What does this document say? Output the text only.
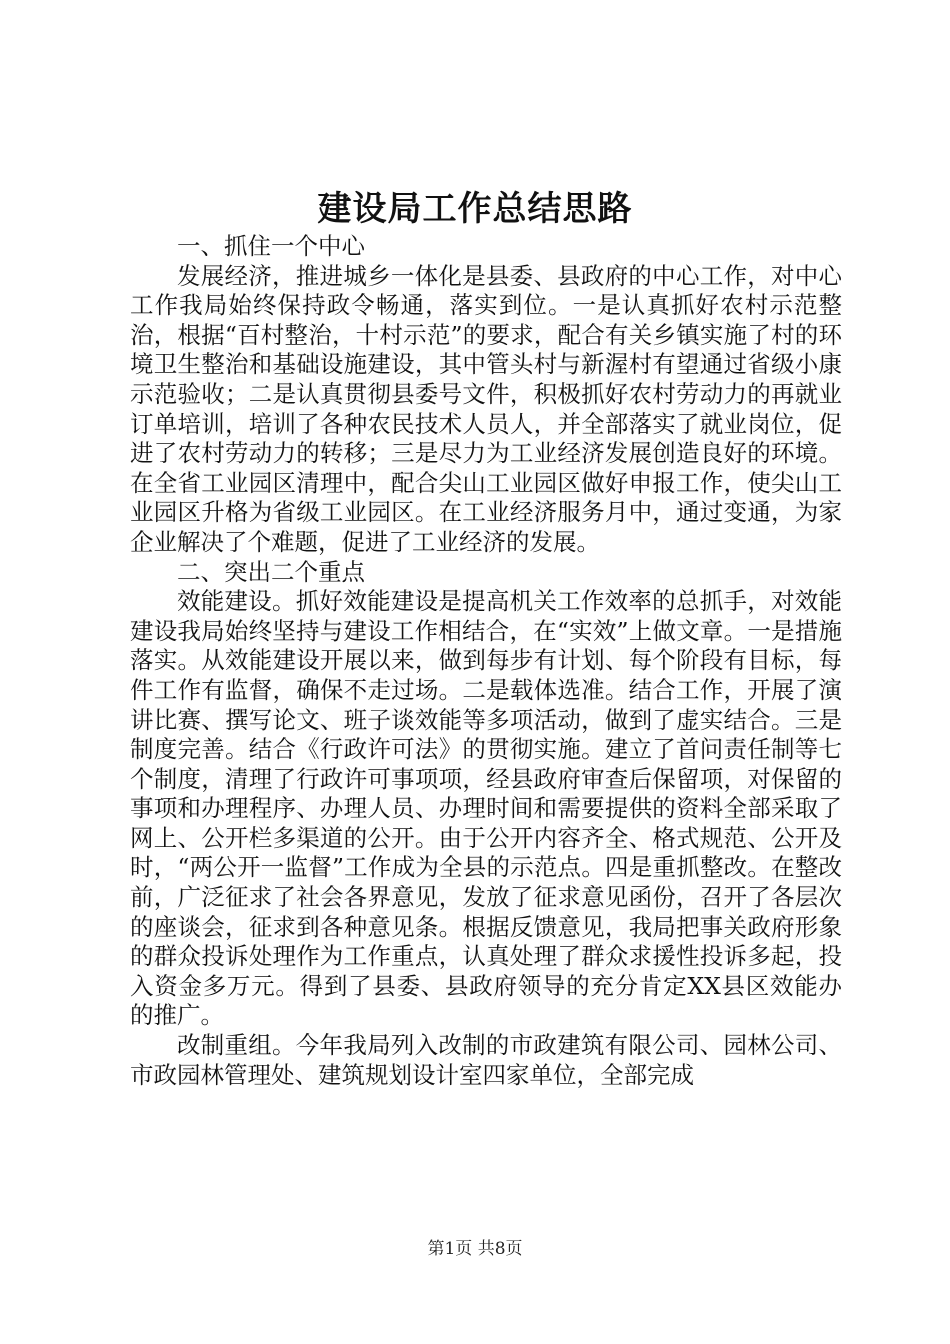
建设局工作总结思路

一、抓住一个中心

发展经济，推进城乡一体化是县委、县政府的中心工作，对中心工作我局始终保持政令畅通，落实到位。一是认真抓好农村示范整治，根据“百村整治，十村示范”的要求，配合有关乡镇实施了村的环境卫生整治和基础设施建设，其中管头村与新渥村有望通过省级小康示范验收；二是认真贯彻县委号文件，积极抓好农村劳动力的再就业订单培训，培训了各种农民技术人员人，并全部落实了就业岗位，促进了农村劳动力的转移；三是尽力为工业经济发展创造良好的环境。在全省工业园区清理中，配合尖山工业园区做好申报工作，使尖山工业园区升格为省级工业园区。在工业经济服务月中，通过变通，为家企业解决了个难题，促进了工业经济的发展。

二、突出二个重点

效能建设。抓好效能建设是提高机关工作效率的总抓手，对效能建设我局始终坚持与建设工作相结合，在“实效”上做文章。一是措施落实。从效能建设开展以来，做到每步有计划、每个阶段有目标，每件工作有监督，确保不走过场。二是载体选准。结合工作，开展了演讲比赛、撰写论文、班子谈效能等多项活动，做到了虚实结合。三是制度完善。结合《行政许可法》的贯彻实施。建立了首问责任制等七个制度，清理了行政许可事项项，经县政府审查后保留项，对保留的事项和办理程序、办理人员、办理时间和需要提供的资料全部采取了网上、公开栏多渠道的公开。由于公开内容齐全、格式规范、公开及时，“两公开一监督”工作成为全县的示范点。四是重抓整改。在整改前，广泛征求了社会各界意见，发放了征求意见函份，召开了各层次的座谈会，征求到各种意见条。根据反馈意见，我局把事关政府形象的群众投诉处理作为工作重点，认真处理了群众求援性投诉多起，投入资金多万元。得到了县委、县政府领导的充分肯定XX县区效能办的推广。

改制重组。今年我局列入改制的市政建筑有限公司、园林公司、市政园林管理处、建筑规划设计室四家单位，全部完成

第1页 共8页
